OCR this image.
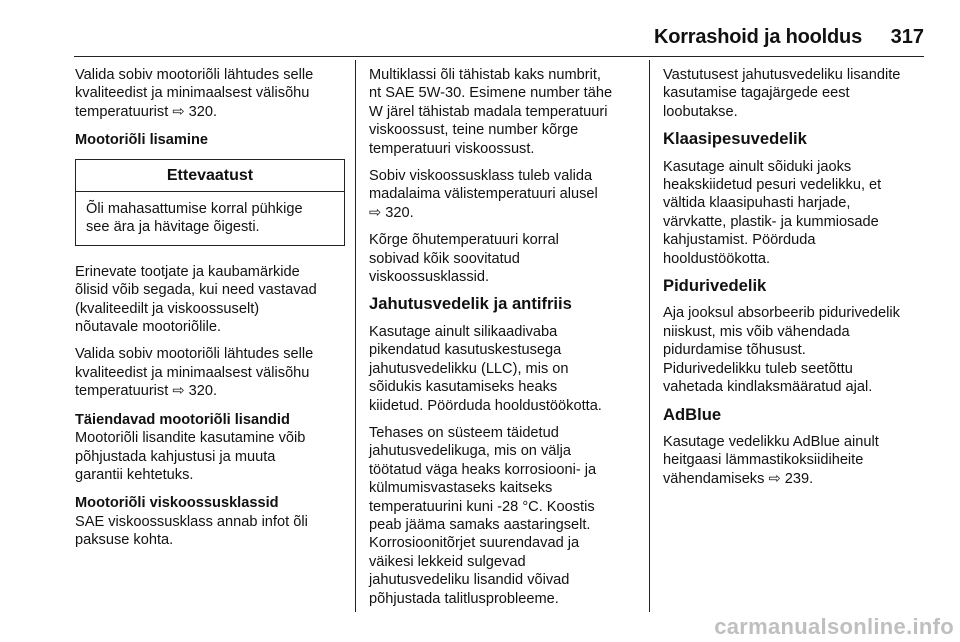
Korrashoid ja hooldus 317

Valida sobiv mootoriõli lähtudes selle
kvaliteedist ja minimaalsest välisõhu
temperatuurist ⇨ 320.

Mootoriõli lisamine
Ettevaatust
Õli mahasattumise korral pühkige
see ära ja hävitage õigesti.

Erinevate tootjate ja kaubamärkide
õlisid võib segada, kui need vastavad
(kvaliteedilt ja viskoossuselt)
nõutavale mootoriõlile.

Valida sobiv mootoriõli lähtudes selle
kvaliteedist ja minimaalsest välisõhu
temperatuurist ⇨ 320.

Täiendavad mootoriõli lisandid

Mootoriõli lisandite kasutamine võib
põhjustada kahjustusi ja muuta
garantii kehtetuks.

Mootoriõli viskoossusklassid

SAE viskoossusklass annab infot õli
paksuse kohta.

Multiklassi õli tähistab kaks numbrit,
nt SAE 5W-30. Esimene number tähe
W järel tähistab madala temperatuuri
viskoossust, teine number kõrge
temperatuuri viskoossust.

Sobiv viskoossusklass tuleb valida
madalaima välistemperatuuri alusel
⇨ 320.

Kõrge õhutemperatuuri korral
sobivad kõik soovitatud
viskoossusklassid.

Jahutusvedelik ja antifriis

Kasutage ainult silikaadivaba
pikendatud kasutuskestusega
jahutusvedelikku (LLC), mis on
sõidukis kasutamiseks heaks
kiidetud. Pöörduda hooldustöökotta.

Tehases on süsteem täidetud
jahutusvedelikuga, mis on välja
töötatud väga heaks korrosiooni- ja
külmumisvastaseks kaitseks
temperatuurini kuni -28 °C. Koostis
peab jääma samaks aastaringselt.
Korrosioonitõrjet suurendavad ja
väikesi lekkeid sulgevad
jahutusvedeliku lisandid võivad
põhjustada talitlusprobleeme.

Vastutusest jahutusvedeliku lisandite
kasutamise tagajärgede eest
loobutakse.

Klaasipesuvedelik

Kasutage ainult sõiduki jaoks
heakskiidetud pesuri vedelikku, et
vältida klaasipuhasti harjade,
värvkatte, plastik- ja kummiosade
kahjustamist. Pöörduda
hooldustöökotta.

Pidurivedelik

Aja jooksul absorbeerib pidurivedelik
niiskust, mis võib vähendada
pidurdamise tõhusust.

Pidurivedelikku tuleb seetõttu
vahetada kindlaksmääratud ajal.

AdBlue

Kasutage vedelikku AdBlue ainult
heitgaasi lämmastikoksiidiheite
vähendamiseks ⇨ 239.

carmanualsonline.info
